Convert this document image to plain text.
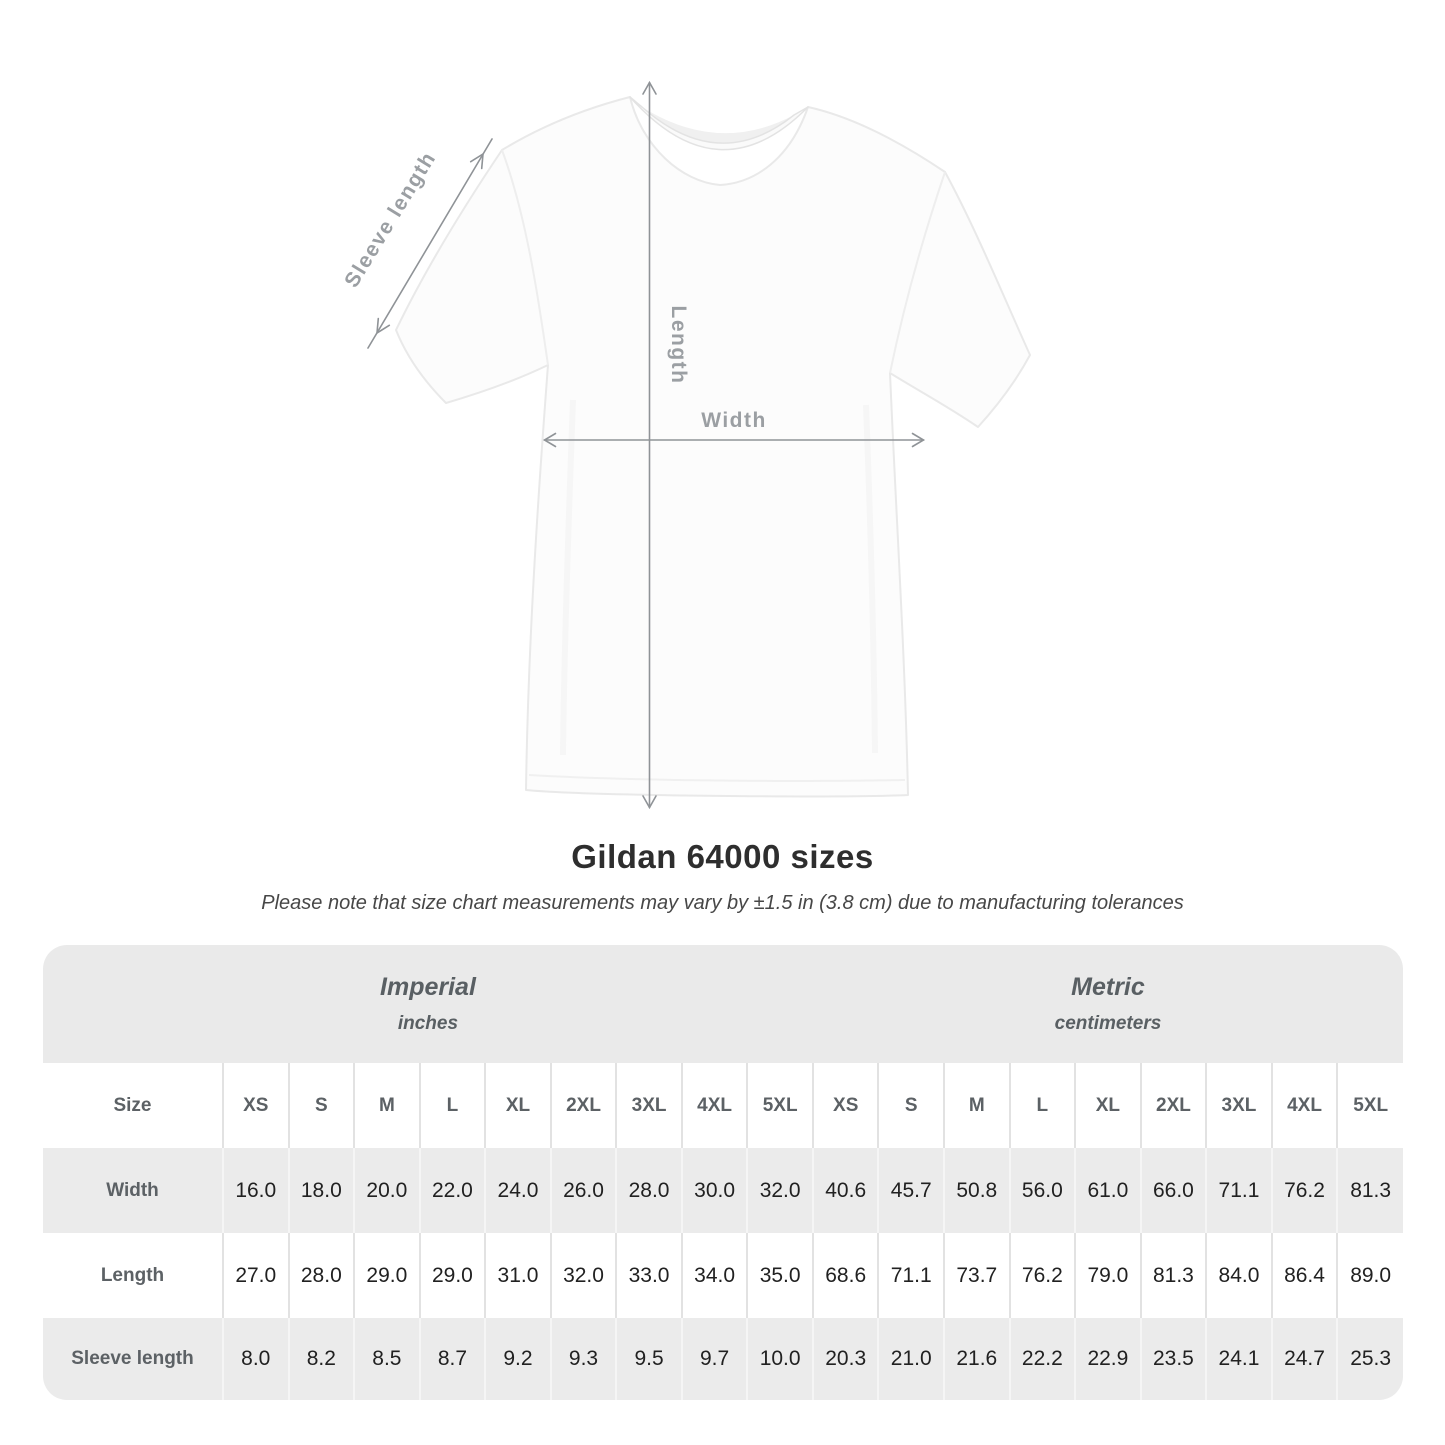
Width
Length
Sleeve length
Gildan 64000 sizes
Please note that size chart measurements may vary by ±1.5 in (3.8 cm) due to manufacturing tolerances
Imperial
inches

Metric
centimeters

Size	XS	S	M	L	XL	2XL	3XL	4XL	5XL	XS	S	M	L	XL	2XL	3XL	4XL	5XL
Width	16.0	18.0	20.0	22.0	24.0	26.0	28.0	30.0	32.0	40.6	45.7	50.8	56.0	61.0	66.0	71.1	76.2	81.3
Length	27.0	28.0	29.0	29.0	31.0	32.0	33.0	34.0	35.0	68.6	71.1	73.7	76.2	79.0	81.3	84.0	86.4	89.0
Sleeve length	8.0	8.2	8.5	8.7	9.2	9.3	9.5	9.7	10.0	20.3	21.0	21.6	22.2	22.9	23.5	24.1	24.7	25.3
